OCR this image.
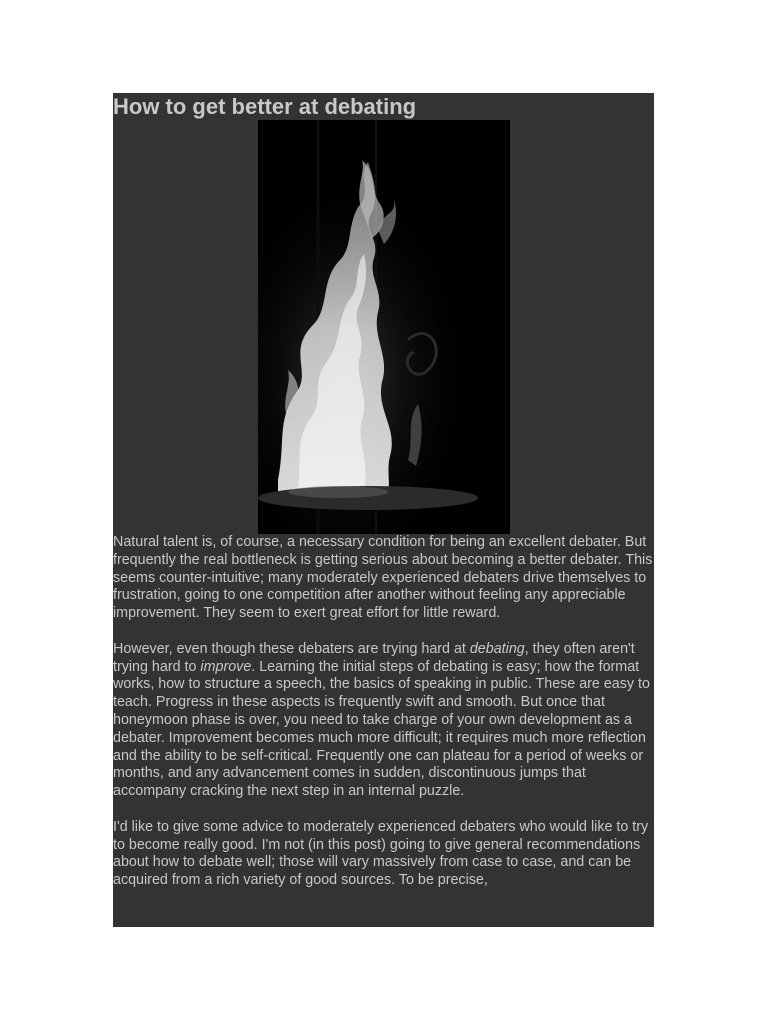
How to get better at debating

Natural talent is, of course, a necessary condition for being an excellent debater. But frequently the real bottleneck is getting serious about becoming a better debater. This seems counter-intuitive; many moderately experienced debaters drive themselves to frustration, going to one competition after another without feeling any appreciable improvement. They seem to exert great effort for little reward.

However, even though these debaters are trying hard at debating, they often aren't trying hard to improve. Learning the initial steps of debating is easy; how the format works, how to structure a speech, the basics of speaking in public. These are easy to teach. Progress in these aspects is frequently swift and smooth. But once that honeymoon phase is over, you need to take charge of your own development as a debater. Improvement becomes much more difficult; it requires much more reflection and the ability to be self-critical. Frequently one can plateau for a period of weeks or months, and any advancement comes in sudden, discontinuous jumps that accompany cracking the next step in an internal puzzle.

I'd like to give some advice to moderately experienced debaters who would like to try to become really good. I'm not (in this post) going to give general recommendations about how to debate well; those will vary massively from case to case, and can be acquired from a rich variety of good sources. To be precise,
